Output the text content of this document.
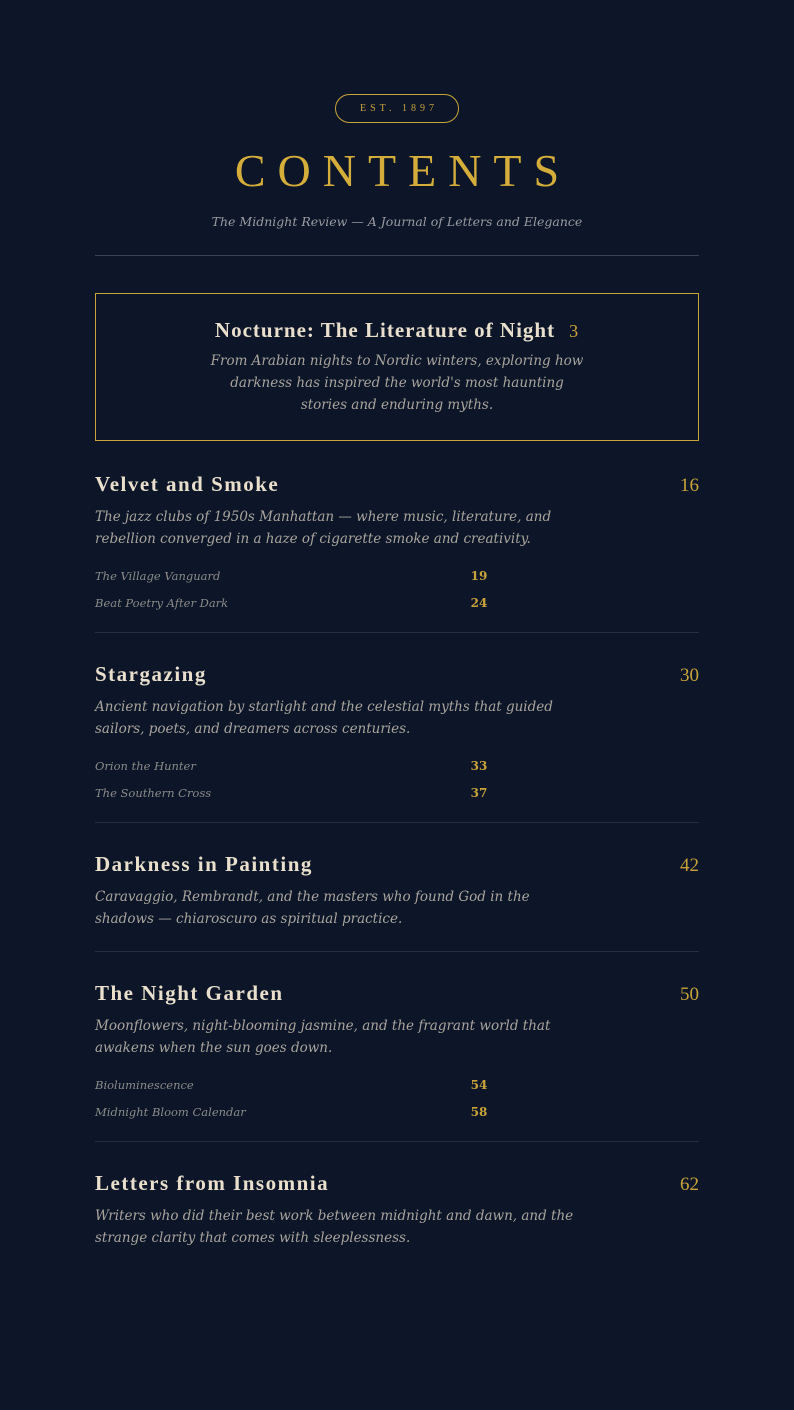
EST. 1897
CONTENTS
The Midnight Review — A Journal of Letters and Elegance
Nocturne: The Literature of Night 3
From Arabian nights to Nordic winters, exploring how darkness has inspired the world's most haunting stories and enduring myths.
Velvet and Smoke	16
The jazz clubs of 1950s Manhattan — where music, literature, and rebellion converged in a haze of cigarette smoke and creativity.
The Village Vanguard	19
Beat Poetry After Dark	24
Stargazing	30
Ancient navigation by starlight and the celestial myths that guided sailors, poets, and dreamers across centuries.
Orion the Hunter	33
The Southern Cross	37
Darkness in Painting	42
Caravaggio, Rembrandt, and the masters who found God in the shadows — chiaroscuro as spiritual practice.
The Night Garden	50
Moonflowers, night-blooming jasmine, and the fragrant world that awakens when the sun goes down.
Bioluminescence	54
Midnight Bloom Calendar	58
Letters from Insomnia	62
Writers who did their best work between midnight and dawn, and the strange clarity that comes with sleeplessness.
